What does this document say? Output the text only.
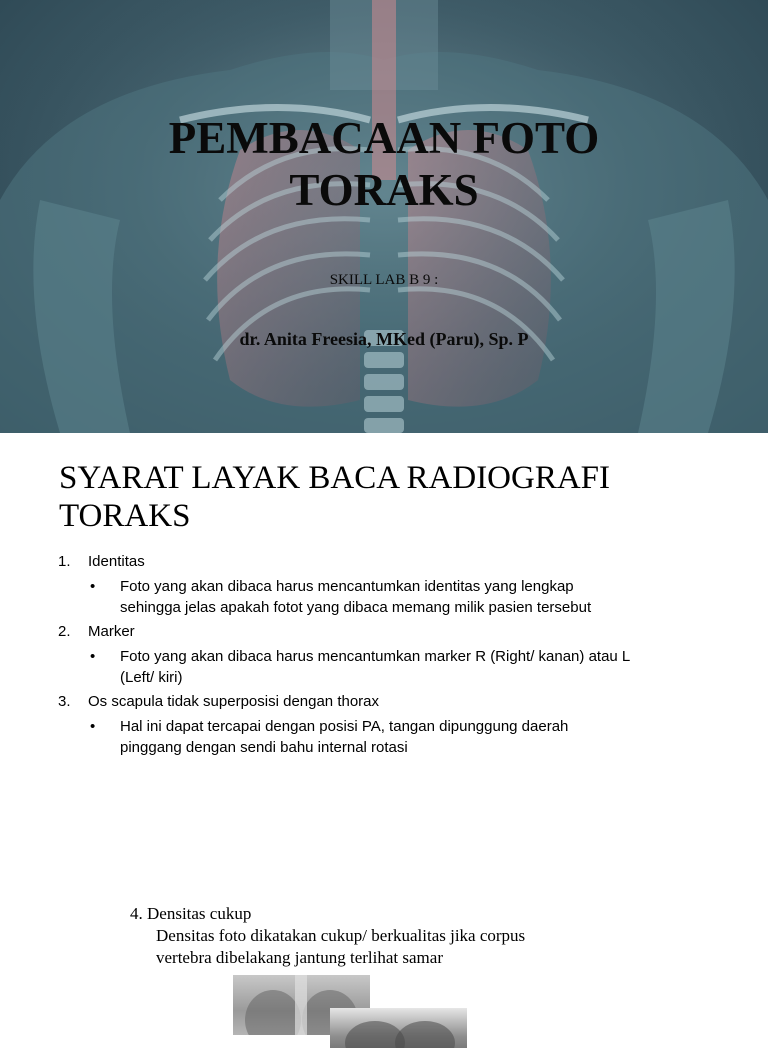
PEMBACAAN FOTO
TORAKS
SKILL LAB B 9 :
dr. Anita Freesia, MKed (Paru), Sp. P
SYARAT LAYAK BACA RADIOGRAFI
TORAKS
1. Identitas
• Foto yang akan dibaca harus mencantumkan identitas yang lengkap
sehingga jelas apakah fotot yang dibaca memang milik pasien tersebut
2. Marker
• Foto yang akan dibaca harus mencantumkan marker R (Right/ kanan) atau L
(Left/ kiri)
3. Os scapula tidak superposisi dengan thorax
• Hal ini dapat tercapai dengan posisi PA, tangan dipunggung daerah
pinggang dengan sendi bahu internal rotasi
4. Densitas cukup
Densitas foto dikatakan cukup/ berkualitas jika corpus
vertebra dibelakang jantung terlihat samar
